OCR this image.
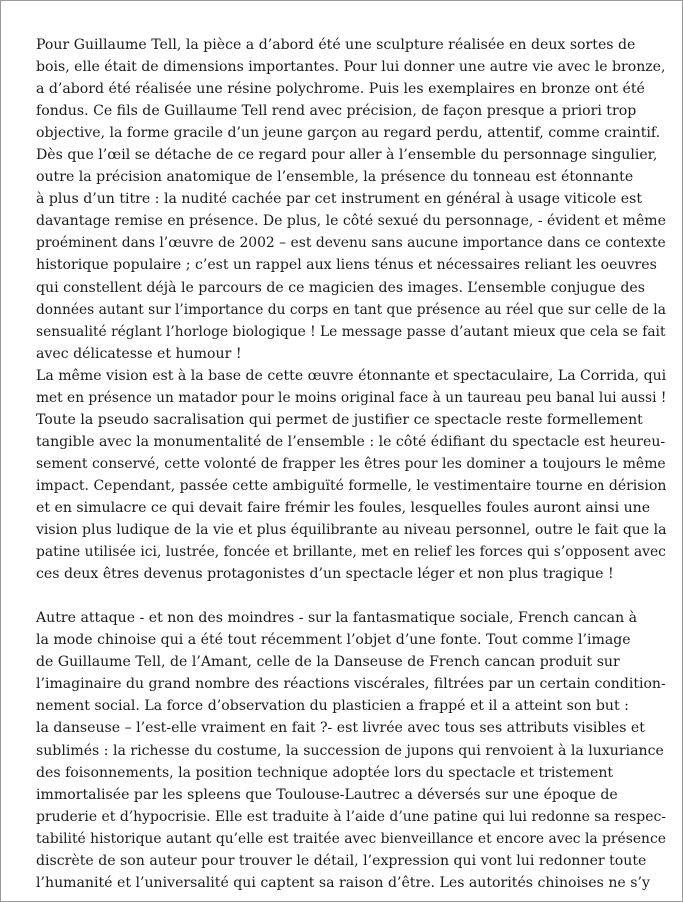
Pour Guillaume Tell, la pièce a d’abord été une sculpture réalisée en deux sortes de
bois, elle était de dimensions importantes. Pour lui donner une autre vie avec le bronze,
a d’abord été réalisée une résine polychrome. Puis les exemplaires en bronze ont été
fondus. Ce fils de Guillaume Tell rend avec précision, de façon presque a priori trop
objective, la forme gracile d’un jeune garçon au regard perdu, attentif, comme craintif.
Dès que l’œil se détache de ce regard pour aller à l’ensemble du personnage singulier,
outre la précision anatomique de l’ensemble, la présence du tonneau est étonnante
à plus d’un titre : la nudité cachée par cet instrument en général à usage viticole est
davantage remise en présence. De plus, le côté sexué du personnage, - évident et même
proéminent dans l’œuvre de 2002 – est devenu sans aucune importance dans ce contexte
historique populaire ; c’est un rappel aux liens ténus et nécessaires reliant les oeuvres
qui constellent déjà le parcours de ce magicien des images. L’ensemble conjugue des
données autant sur l’importance du corps en tant que présence au réel que sur celle de la
sensualité réglant l’horloge biologique ! Le message passe d’autant mieux que cela se fait
avec délicatesse et humour !

La même vision est à la base de cette œuvre étonnante et spectaculaire, La Corrida, qui
met en présence un matador pour le moins original face à un taureau peu banal lui aussi !
Toute la pseudo sacralisation qui permet de justifier ce spectacle reste formellement
tangible avec la monumentalité de l’ensemble : le côté édifiant du spectacle est heureu-
sement conservé, cette volonté de frapper les êtres pour les dominer a toujours le même
impact. Cependant, passée cette ambiguïté formelle, le vestimentaire tourne en dérision
et en simulacre ce qui devait faire frémir les foules, lesquelles foules auront ainsi une
vision plus ludique de la vie et plus équilibrante au niveau personnel, outre le fait que la
patine utilisée ici, lustrée, foncée et brillante, met en relief les forces qui s’opposent avec
ces deux êtres devenus protagonistes d’un spectacle léger et non plus tragique !

Autre attaque - et non des moindres - sur la fantasmatique sociale, French cancan à
la mode chinoise qui a été tout récemment l’objet d’une fonte. Tout comme l’image
de Guillaume Tell, de l’Amant, celle de la Danseuse de French cancan produit sur
l’imaginaire du grand nombre des réactions viscérales, filtrées par un certain condition-
nement social. La force d’observation du plasticien a frappé et il a atteint son but :
la danseuse – l’est-elle vraiment en fait ?- est livrée avec tous ses attributs visibles et
sublimés : la richesse du costume, la succession de jupons qui renvoient à la luxuriance
des foisonnements, la position technique adoptée lors du spectacle et tristement
immortalisée par les spleens que Toulouse-Lautrec a déversés sur une époque de
pruderie et d’hypocrisie. Elle est traduite à l’aide d’une patine qui lui redonne sa respec-
tabilité historique autant qu’elle est traitée avec bienveillance et encore avec la présence
discrète de son auteur pour trouver le détail, l’expression qui vont lui redonner toute
l’humanité et l’universalité qui captent sa raison d’être. Les autorités chinoises ne s’y
